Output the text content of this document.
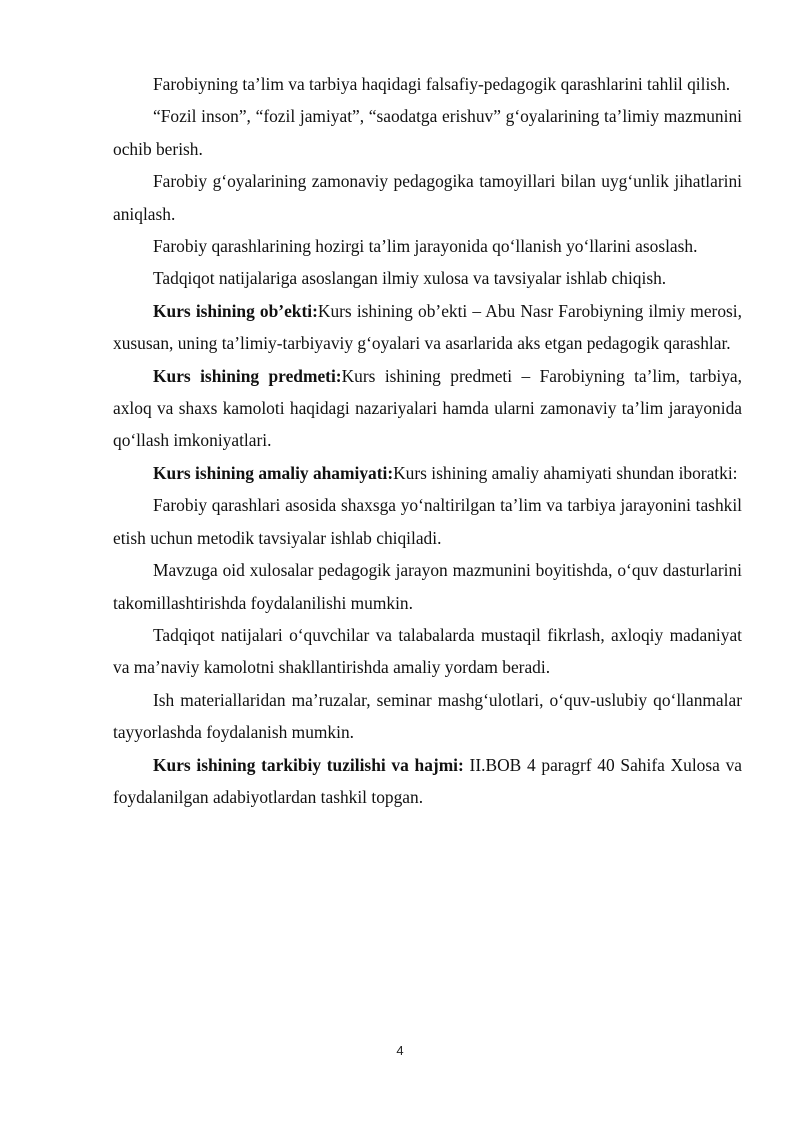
Farobiyning ta’lim va tarbiya haqidagi falsafiy-pedagogik qarashlarini tahlil qilish.

“Fozil inson”, “fozil jamiyat”, “saodatga erishuv” g‘oyalarining ta’limiy mazmunini ochib berish.

Farobiy g‘oyalarining zamonaviy pedagogika tamoyillari bilan uyg‘unlik jihatlarini aniqlash.

Farobiy qarashlarining hozirgi ta’lim jarayonida qo‘llanish yo‘llarini asoslash.

Tadqiqot natijalariga asoslangan ilmiy xulosa va tavsiyalar ishlab chiqish.

Kurs ishining ob’ekti:Kurs ishining ob’ekti – Abu Nasr Farobiyning ilmiy merosi, xususan, uning ta’limiy-tarbiyaviy g‘oyalari va asarlarida aks etgan pedagogik qarashlar.

Kurs ishining predmeti:Kurs ishining predmeti – Farobiyning ta’lim, tarbiya, axloq va shaxs kamoloti haqidagi nazariyalari hamda ularni zamonaviy ta’lim jarayonida qo‘llash imkoniyatlari.

Kurs ishining amaliy ahamiyati:Kurs ishining amaliy ahamiyati shundan iboratki:

Farobiy qarashlari asosida shaxsga yo‘naltirilgan ta’lim va tarbiya jarayonini tashkil etish uchun metodik tavsiyalar ishlab chiqiladi.

Mavzuga oid xulosalar pedagogik jarayon mazmunini boyitishda, o‘quv dasturlarini takomillashtirishda foydalanilishi mumkin.

Tadqiqot natijalari o‘quvchilar va talabalarda mustaqil fikrlash, axloqiy madaniyat va ma’naviy kamolotni shakllantirishda amaliy yordam beradi.

Ish materiallaridan ma’ruzalar, seminar mashg‘ulotlari, o‘quv-uslubiy qo‘llanmalar tayyorlashda foydalanish mumkin.

Kurs ishining tarkibiy tuzilishi va hajmi: II.BOB 4 paragrf 40 Sahifa Xulosa va foydalanilgan adabiyotlardan tashkil topgan.

4
